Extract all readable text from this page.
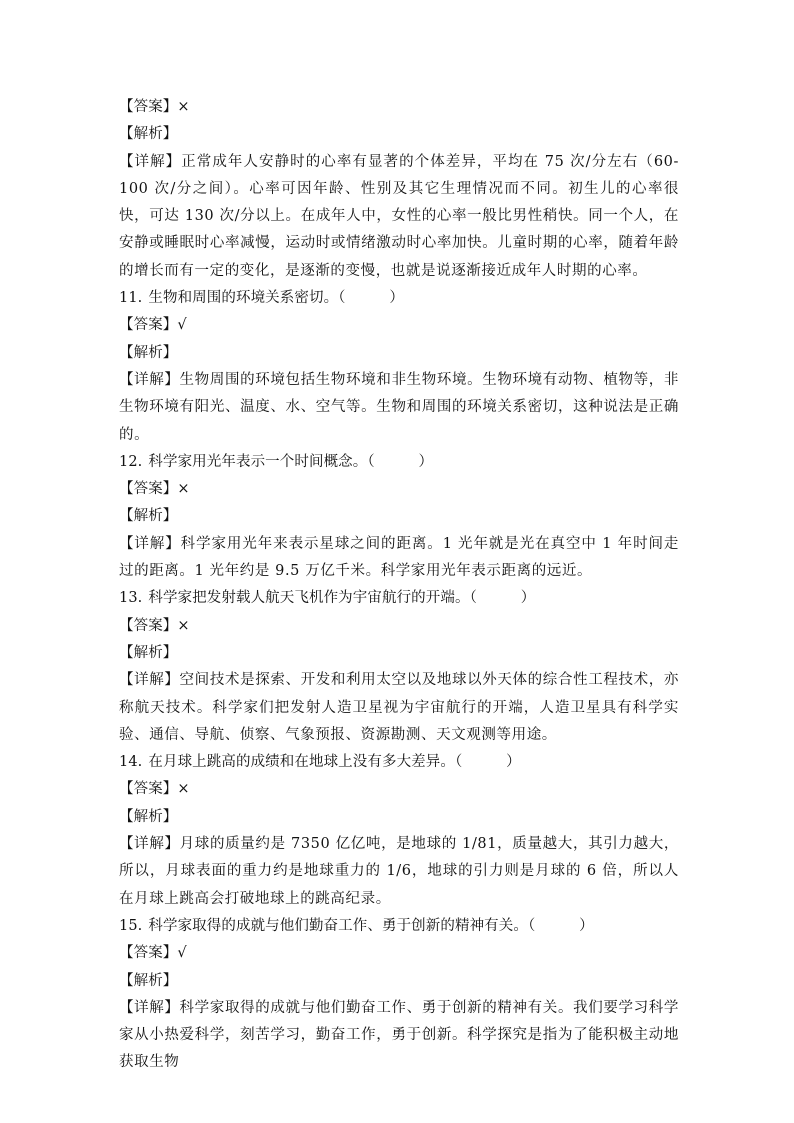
【答案】×
【解析】
【详解】正常成年人安静时的心率有显著的个体差异，平均在 75 次/分左右（60-100 次/分之间）。心率可因年龄、性别及其它生理情况而不同。初生儿的心率很快，可达 130 次/分以上。在成年人中，女性的心率一般比男性稍快。同一个人，在安静或睡眠时心率减慢，运动时或情绪激动时心率加快。儿童时期的心率，随着年龄的增长而有一定的变化，是逐渐的变慢，也就是说逐渐接近成年人时期的心率。
11. 生物和周围的环境关系密切。（　　　）
【答案】√
【解析】
【详解】生物周围的环境包括生物环境和非生物环境。生物环境有动物、植物等，非生物环境有阳光、温度、水、空气等。生物和周围的环境关系密切，这种说法是正确的。
12. 科学家用光年表示一个时间概念。（　　　）
【答案】×
【解析】
【详解】科学家用光年来表示星球之间的距离。1 光年就是光在真空中 1 年时间走过的距离。1 光年约是 9.5 万亿千米。科学家用光年表示距离的远近。
13. 科学家把发射载人航天飞机作为宇宙航行的开端。（　　　）
【答案】×
【解析】
【详解】空间技术是探索、开发和利用太空以及地球以外天体的综合性工程技术，亦称航天技术。科学家们把发射人造卫星视为宇宙航行的开端，人造卫星具有科学实验、通信、导航、侦察、气象预报、资源勘测、天文观测等用途。
14. 在月球上跳高的成绩和在地球上没有多大差异。（　　　）
【答案】×
【解析】
【详解】月球的质量约是 7350 亿亿吨，是地球的 1/81，质量越大，其引力越大，所以，月球表面的重力约是地球重力的 1/6，地球的引力则是月球的 6 倍，所以人在月球上跳高会打破地球上的跳高纪录。
15. 科学家取得的成就与他们勤奋工作、勇于创新的精神有关。（　　　）
【答案】√
【解析】
【详解】科学家取得的成就与他们勤奋工作、勇于创新的精神有关。我们要学习科学家从小热爱科学，刻苦学习，勤奋工作，勇于创新。科学探究是指为了能积极主动地获取生物
